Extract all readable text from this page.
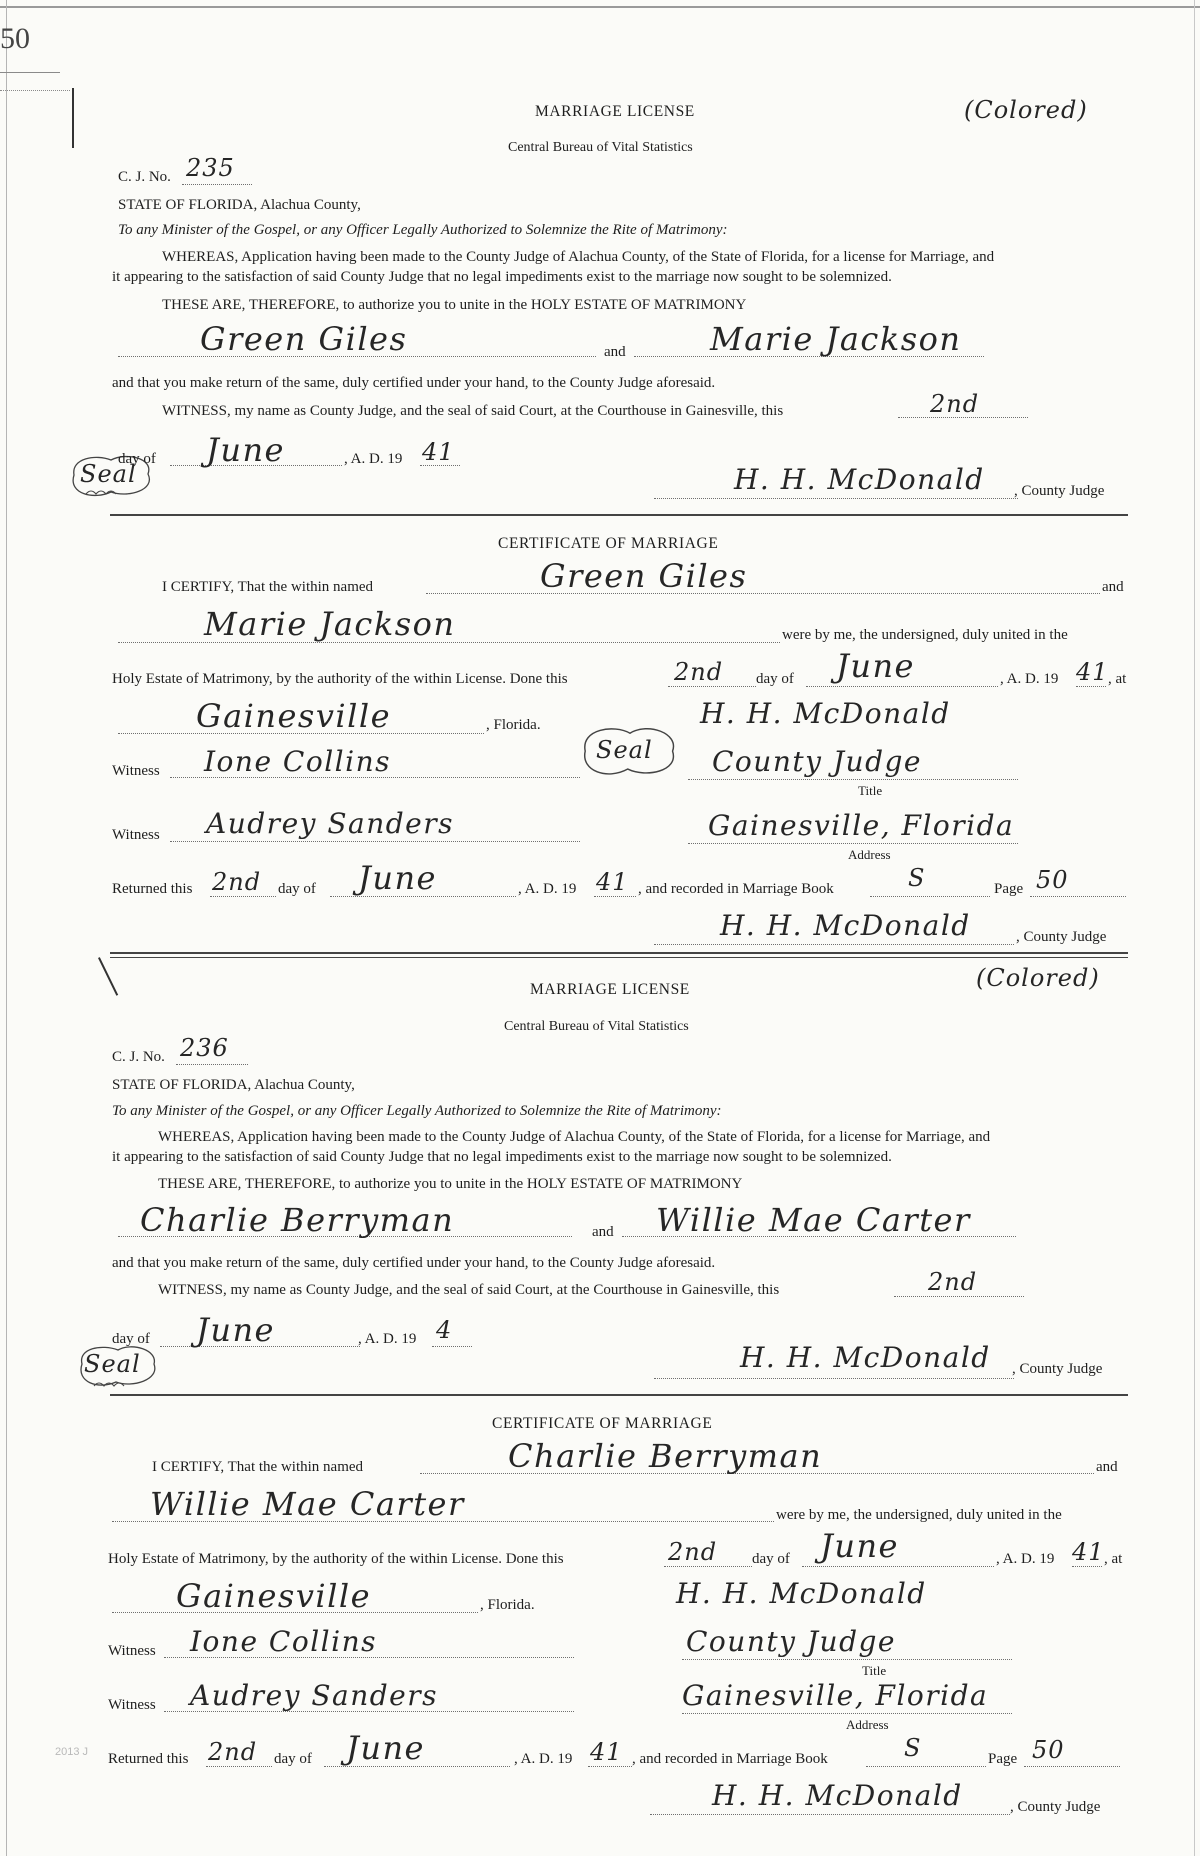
50
MARRIAGE LICENSE	(Colored)
Central Bureau of Vital Statistics
C. J. No. 235
STATE OF FLORIDA, Alachua County,
To any Minister of the Gospel, or any Officer Legally Authorized to Solemnize the Rite of Matrimony:
WHEREAS, Application having been made to the County Judge of Alachua County, of the State of Florida, for a license for Marriage, and
it appearing to the satisfaction of said County Judge that no legal impediments exist to the marriage now sought to be solemnized.
THESE ARE, THEREFORE, to authorize you to unite in the HOLY ESTATE OF MATRIMONY
Green Giles	and	Marie Jackson
and that you make return of the same, duly certified under your hand, to the County Judge aforesaid.
WITNESS, my name as County Judge, and the seal of said Court, at the Courthouse in Gainesville, this	2nd
Seal
day of June	, A. D. 19 41
H. H. McDonald , County Judge
CERTIFICATE OF MARRIAGE
I CERTIFY, That the within named	Green Giles	and
Marie Jackson	were by me, the undersigned, duly united in the
Holy Estate of Matrimony, by the authority of the within License. Done this	2nd day of June	, A. D. 19 41 , at
Gainesville	, Florida.	H. H. McDonald
Seal
Witness Ione Collins	County Judge
Title
Witness Audrey Sanders	Gainesville, Florida
Address
Returned this 2nd day of June	, A. D. 19 41 , and recorded in Marriage Book	S	Page 50
H. H. McDonald	, County Judge
MARRIAGE LICENSE	(Colored)
Central Bureau of Vital Statistics
C. J. No. 236
STATE OF FLORIDA, Alachua County,
To any Minister of the Gospel, or any Officer Legally Authorized to Solemnize the Rite of Matrimony:
WHEREAS, Application having been made to the County Judge of Alachua County, of the State of Florida, for a license for Marriage, and
it appearing to the satisfaction of said County Judge that no legal impediments exist to the marriage now sought to be solemnized.
THESE ARE, THEREFORE, to authorize you to unite in the HOLY ESTATE OF MATRIMONY
Charlie Berryman	and Willie Mae Carter
and that you make return of the same, duly certified under your hand, to the County Judge aforesaid.
WITNESS, my name as County Judge, and the seal of said Court, at the Courthouse in Gainesville, this	2nd
Seal
day of June	, A. D. 19 4
H. H. McDonald , County Judge
CERTIFICATE OF MARRIAGE
I CERTIFY, That the within named	Charlie Berryman	and
Willie Mae Carter	were by me, the undersigned, duly united in the
Holy Estate of Matrimony, by the authority of the within License. Done this	2nd day of June	, A. D. 19 41 , at
Gainesville	, Florida.	H. H. McDonald
Witness Ione Collins	County Judge
Title
Witness Audrey Sanders	Gainesville, Florida
Address
Returned this 2nd day of June	, A. D. 19 41 , and recorded in Marriage Book	S	Page 50
H. H. McDonald	, County Judge
2013 J
